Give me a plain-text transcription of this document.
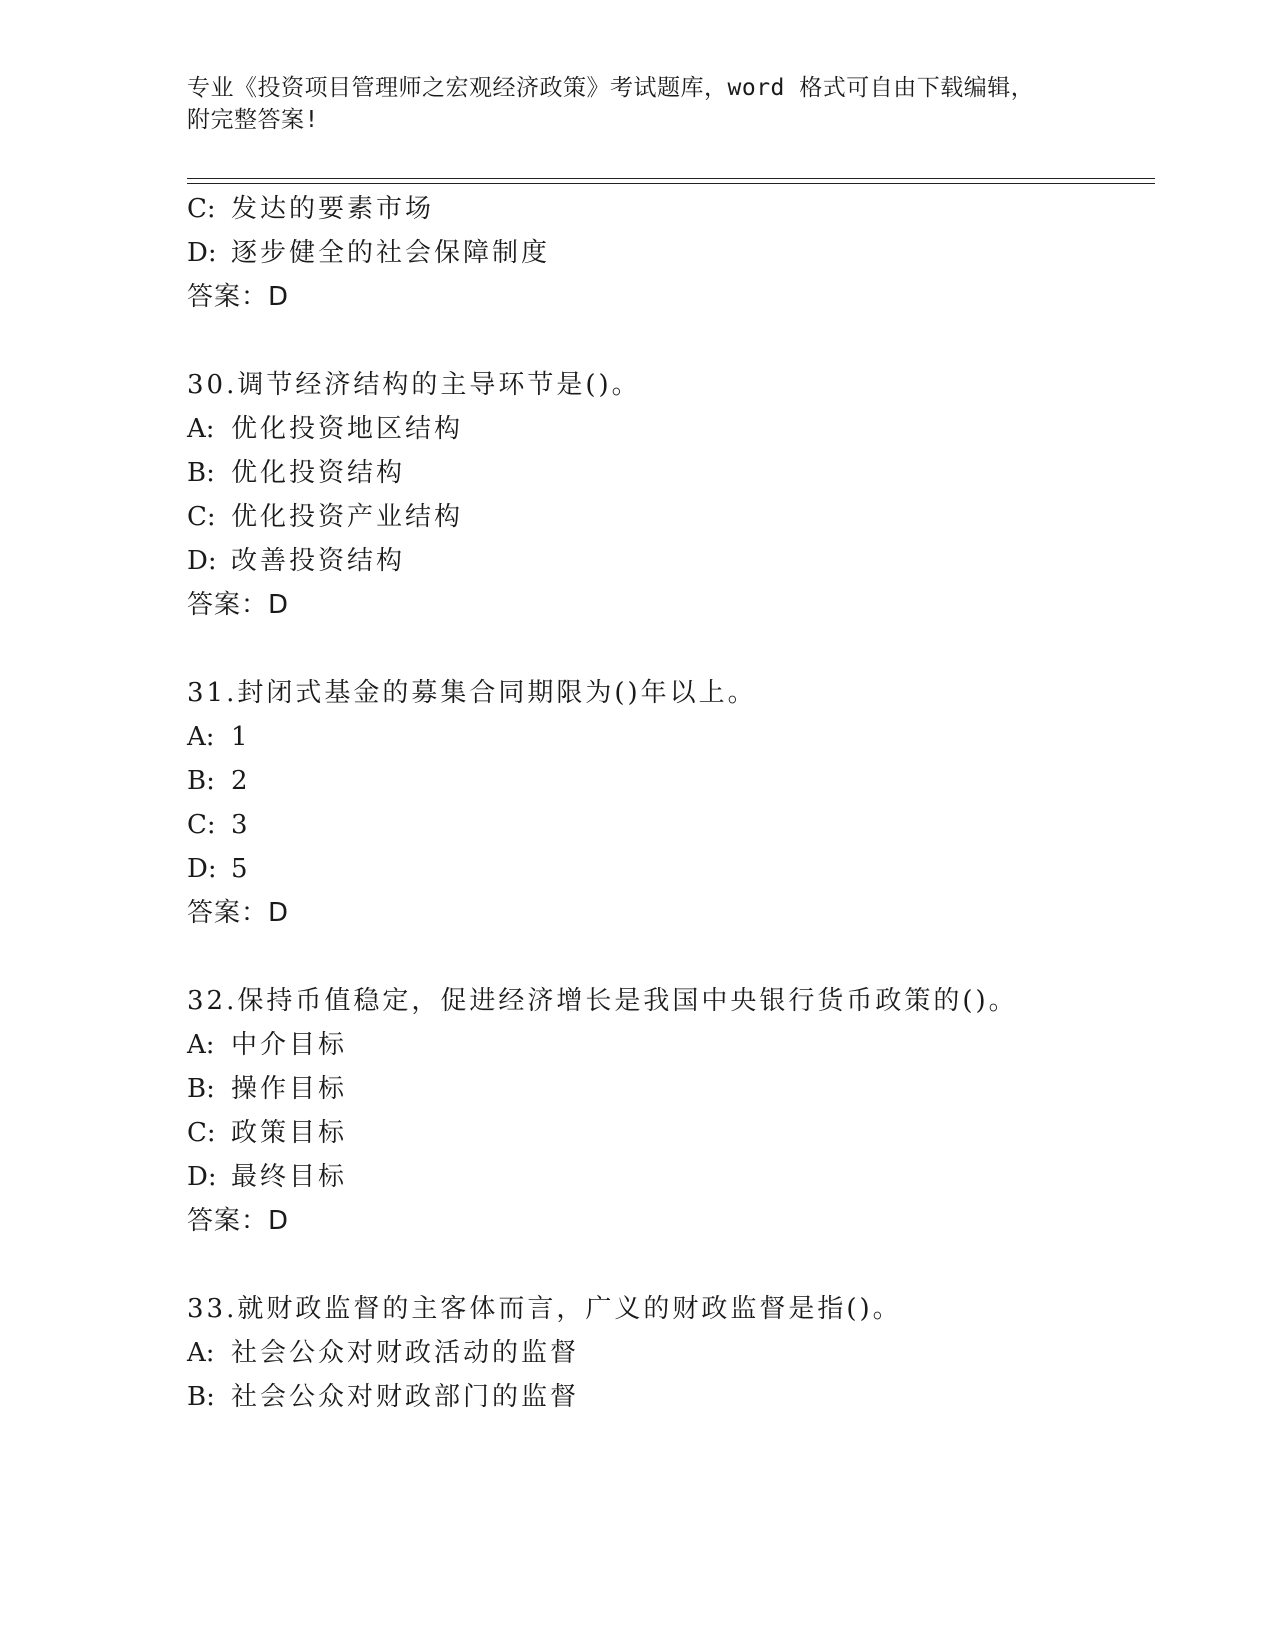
专业《投资项目管理师之宏观经济政策》考试题库，word 格式可自由下载编辑，
附完整答案!
C: 发达的要素市场
D: 逐步健全的社会保障制度
答案：D
30.调节经济结构的主导环节是()。
A: 优化投资地区结构
B: 优化投资结构
C: 优化投资产业结构
D: 改善投资结构
答案：D
31.封闭式基金的募集合同期限为()年以上。
A: 1
B: 2
C: 3
D: 5
答案：D
32.保持币值稳定，促进经济增长是我国中央银行货币政策的()。
A: 中介目标
B: 操作目标
C: 政策目标
D: 最终目标
答案：D
33.就财政监督的主客体而言，广义的财政监督是指()。
A: 社会公众对财政活动的监督
B: 社会公众对财政部门的监督
